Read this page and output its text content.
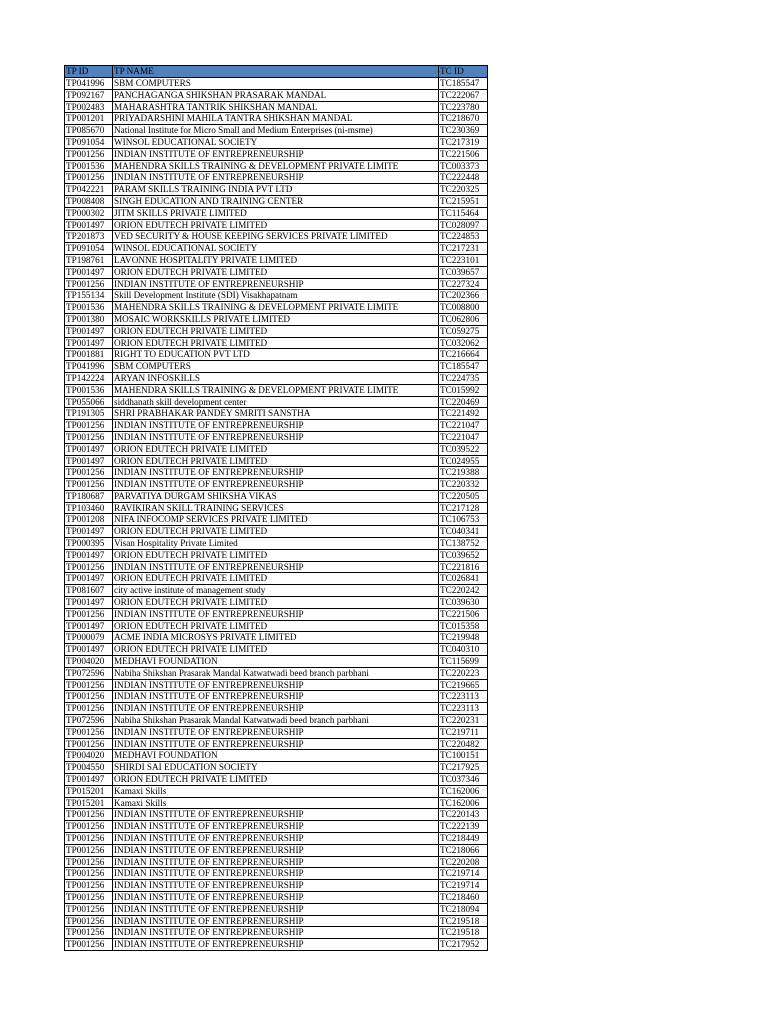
TP ID	TP NAME	TC ID
TP041996	SBM COMPUTERS	TC185547
TP092167	PANCHAGANGA SHIKSHAN PRASARAK MANDAL	TC222067
TP002483	MAHARASHTRA TANTRIK SHIKSHAN MANDAL	TC223780
TP001201	PRIYADARSHINI MAHILA TANTRA SHIKSHAN MANDAL	TC218670
TP085670	National Institute for Micro Small and Medium Enterprises (ni-msme)	TC230369
TP091054	WINSOL EDUCATIONAL SOCIETY	TC217319
TP001256	INDIAN INSTITUTE OF ENTREPRENEURSHIP	TC221506
TP001536	MAHENDRA SKILLS TRAINING & DEVELOPMENT PRIVATE LIMITE	TC003373
TP001256	INDIAN INSTITUTE OF ENTREPRENEURSHIP	TC222448
TP042221	PARAM SKILLS TRAINING INDIA PVT LTD	TC220325
TP008408	SINGH EDUCATION AND TRAINING CENTER	TC215951
TP000302	JITM SKILLS PRIVATE LIMITED	TC115464
TP001497	ORION EDUTECH PRIVATE LIMITED	TC028097
TP201873	VED SECURITY & HOUSE KEEPING SERVICES PRIVATE LIMITED	TC224853
TP091054	WINSOL EDUCATIONAL SOCIETY	TC217231
TP198761	LAVONNE HOSPITALITY PRIVATE LIMITED	TC223101
TP001497	ORION EDUTECH PRIVATE LIMITED	TC039657
TP001256	INDIAN INSTITUTE OF ENTREPRENEURSHIP	TC227324
TP155134	Skill Development Institute (SDI) Visakhapatnam	TC202366
TP001536	MAHENDRA SKILLS TRAINING & DEVELOPMENT PRIVATE LIMITE	TC008800
TP001380	MOSAIC WORKSKILLS PRIVATE LIMITED	TC062806
TP001497	ORION EDUTECH PRIVATE LIMITED	TC059275
TP001497	ORION EDUTECH PRIVATE LIMITED	TC032062
TP001881	RIGHT TO EDUCATION PVT LTD	TC216664
TP041996	SBM COMPUTERS	TC185547
TP142224	ARYAN INFOSKILLS	TC224735
TP001536	MAHENDRA SKILLS TRAINING & DEVELOPMENT PRIVATE LIMITE	TC015992
TP055066	siddhanath skill development center	TC220469
TP191305	SHRI PRABHAKAR PANDEY SMRITI SANSTHA	TC221492
TP001256	INDIAN INSTITUTE OF ENTREPRENEURSHIP	TC221047
TP001256	INDIAN INSTITUTE OF ENTREPRENEURSHIP	TC221047
TP001497	ORION EDUTECH PRIVATE LIMITED	TC039522
TP001497	ORION EDUTECH PRIVATE LIMITED	TC024955
TP001256	INDIAN INSTITUTE OF ENTREPRENEURSHIP	TC219388
TP001256	INDIAN INSTITUTE OF ENTREPRENEURSHIP	TC220332
TP180687	PARVATIYA DURGAM SHIKSHA VIKAS	TC220505
TP103460	RAVIKIRAN SKILL TRAINING SERVICES	TC217128
TP001208	NIFA INFOCOMP SERVICES PRIVATE LIMITED	TC106753
TP001497	ORION EDUTECH PRIVATE LIMITED	TC040341
TP000395	Visan Hospitality Private Limited	TC138752
TP001497	ORION EDUTECH PRIVATE LIMITED	TC039652
TP001256	INDIAN INSTITUTE OF ENTREPRENEURSHIP	TC221816
TP001497	ORION EDUTECH PRIVATE LIMITED	TC026841
TP081607	city active institute of management study	TC220242
TP001497	ORION EDUTECH PRIVATE LIMITED	TC039630
TP001256	INDIAN INSTITUTE OF ENTREPRENEURSHIP	TC221506
TP001497	ORION EDUTECH PRIVATE LIMITED	TC015358
TP000079	ACME INDIA MICROSYS PRIVATE LIMITED	TC219948
TP001497	ORION EDUTECH PRIVATE LIMITED	TC040310
TP004020	MEDHAVI FOUNDATION	TC115699
TP072596	Nabiha Shikshan Prasarak Mandal Katwatwadi beed branch parbhani	TC220223
TP001256	INDIAN INSTITUTE OF ENTREPRENEURSHIP	TC219665
TP001256	INDIAN INSTITUTE OF ENTREPRENEURSHIP	TC223113
TP001256	INDIAN INSTITUTE OF ENTREPRENEURSHIP	TC223113
TP072596	Nabiha Shikshan Prasarak Mandal Katwatwadi beed branch parbhani	TC220231
TP001256	INDIAN INSTITUTE OF ENTREPRENEURSHIP	TC219711
TP001256	INDIAN INSTITUTE OF ENTREPRENEURSHIP	TC220482
TP004020	MEDHAVI FOUNDATION	TC100151
TP004550	SHIRDI SAI EDUCATION SOCIETY	TC217925
TP001497	ORION EDUTECH PRIVATE LIMITED	TC037346
TP015201	Kamaxi Skills	TC162006
TP015201	Kamaxi Skills	TC162006
TP001256	INDIAN INSTITUTE OF ENTREPRENEURSHIP	TC220143
TP001256	INDIAN INSTITUTE OF ENTREPRENEURSHIP	TC222139
TP001256	INDIAN INSTITUTE OF ENTREPRENEURSHIP	TC218449
TP001256	INDIAN INSTITUTE OF ENTREPRENEURSHIP	TC218066
TP001256	INDIAN INSTITUTE OF ENTREPRENEURSHIP	TC220208
TP001256	INDIAN INSTITUTE OF ENTREPRENEURSHIP	TC219714
TP001256	INDIAN INSTITUTE OF ENTREPRENEURSHIP	TC219714
TP001256	INDIAN INSTITUTE OF ENTREPRENEURSHIP	TC218460
TP001256	INDIAN INSTITUTE OF ENTREPRENEURSHIP	TC218094
TP001256	INDIAN INSTITUTE OF ENTREPRENEURSHIP	TC219518
TP001256	INDIAN INSTITUTE OF ENTREPRENEURSHIP	TC219518
TP001256	INDIAN INSTITUTE OF ENTREPRENEURSHIP	TC217952
